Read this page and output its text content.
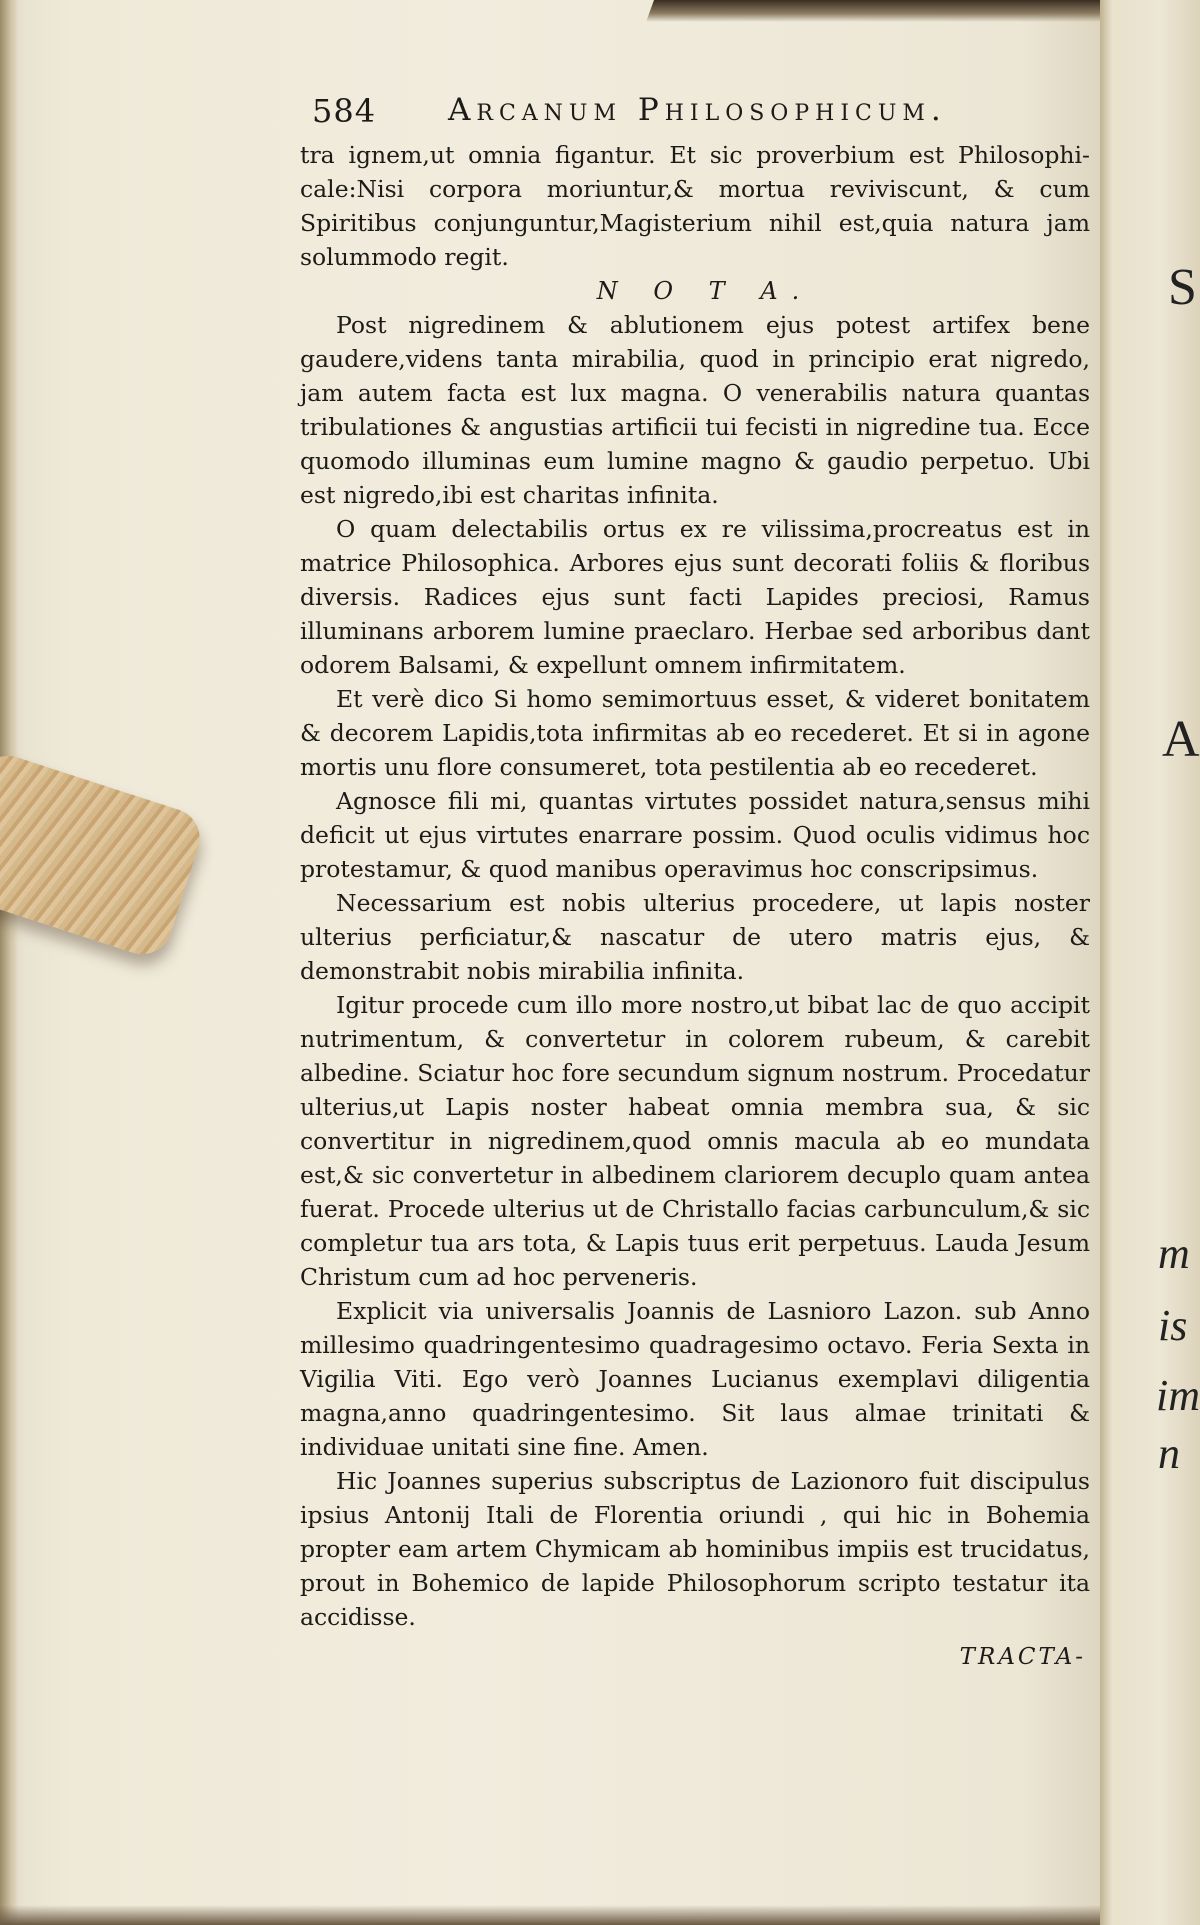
S
A
m
is
im
n
584 Arcanum Philosophicum.

tra ignem,ut omnia figantur. Et sic proverbium est Philosophi-cale:Nisi corpora moriuntur,& mortua reviviscunt, & cum Spiritibus conjunguntur,Magisterium nihil est,quia natura jam solummodo regit.

N O T A.

Post nigredinem & ablutionem ejus potest artifex bene gaudere,videns tanta mirabilia, quod in principio erat nigredo, jam autem facta est lux magna. O venerabilis natura quantas tribulationes & angustias artificii tui fecisti in nigredine tua. Ecce quomodo illuminas eum lumine magno & gaudio perpetuo. Ubi est nigredo,ibi est charitas infinita.

O quam delectabilis ortus ex re vilissima,procreatus est in matrice Philosophica. Arbores ejus sunt decorati foliis & floribus diversis. Radices ejus sunt facti Lapides preciosi, Ramus illuminans arborem lumine praeclaro. Herbae sed arboribus dant odorem Balsami, & expellunt omnem infirmitatem.

Et verè dico Si homo semimortuus esset, & videret bonitatem & decorem Lapidis,tota infirmitas ab eo recederet. Et si in agone mortis unu flore consumeret, tota pestilentia ab eo recederet.

Agnosce fili mi, quantas virtutes possidet natura,sensus mihi deficit ut ejus virtutes enarrare possim. Quod oculis vidimus hoc protestamur, & quod manibus operavimus hoc conscripsimus.

Necessarium est nobis ulterius procedere, ut lapis noster ulterius perficiatur,& nascatur de utero matris ejus, & demonstrabit nobis mirabilia infinita.

Igitur procede cum illo more nostro,ut bibat lac de quo accipit nutrimentum, & convertetur in colorem rubeum, & carebit albedine. Sciatur hoc fore secundum signum nostrum. Procedatur ulterius,ut Lapis noster habeat omnia membra sua, & sic convertitur in nigredinem,quod omnis macula ab eo mundata est,& sic convertetur in albedinem clariorem decuplo quam antea fuerat. Procede ulterius ut de Christallo facias carbunculum,& sic completur tua ars tota, & Lapis tuus erit perpetuus. Lauda Jesum Christum cum ad hoc perveneris.

Explicit via universalis Joannis de Lasnioro Lazon. sub Anno millesimo quadringentesimo quadragesimo octavo. Feria Sexta in Vigilia Viti. Ego verò Joannes Lucianus exemplavi diligentia magna,anno quadringentesimo. Sit laus almae trinitati & individuae unitati sine fine. Amen.

Hic Joannes superius subscriptus de Lazionoro fuit discipulus ipsius Antonij Itali de Florentia oriundi , qui hic in Bohemia propter eam artem Chymicam ab hominibus impiis est trucidatus, prout in Bohemico de lapide Philosophorum scripto testatur ita accidisse.

TRACTA-
